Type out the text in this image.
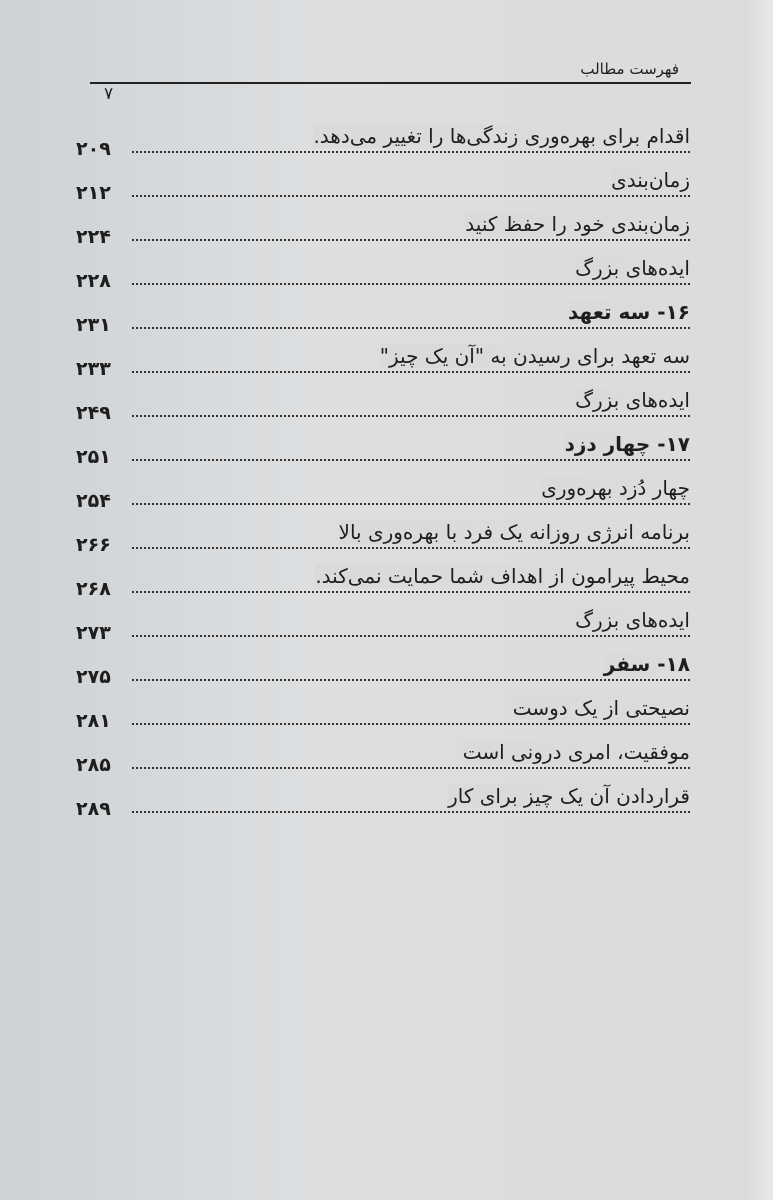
فهرست مطالب
۷
اقدام برای بهره‌وری زندگی‌ها را تغییر می‌دهد.
۲۰۹
زمان‌بندی
۲۱۲
زمان‌بندی خود را حفظ کنید
۲۲۴
ایده‌های بزرگ
۲۲۸
۱۶- سه تعهد
۲۳۱
سه تعهد برای رسیدن به "آن یک چیز"
۲۳۳
ایده‌های بزرگ
۲۴۹
۱۷- چهار دزد
۲۵۱
چهار دُزد بهره‌وری
۲۵۴
برنامه انرژی روزانه یک فرد با بهره‌وری بالا
۲۶۶
محیط پیرامون از اهداف شما حمایت نمی‌کند.
۲۶۸
ایده‌های بزرگ
۲۷۳
۱۸- سفر
۲۷۵
نصیحتی از یک دوست
۲۸۱
موفقیت، امری درونی است
۲۸۵
قراردادن آن یک چیز برای کار
۲۸۹
